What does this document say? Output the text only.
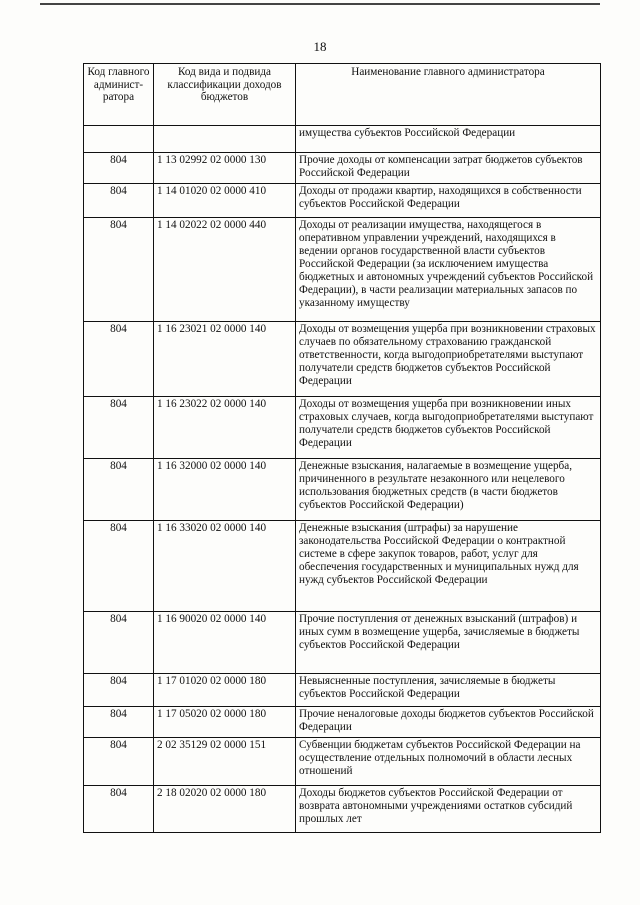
18
Код главного админист-ратора	Код вида и подвида классификации доходов бюджетов	Наименование главного администратора
		имущества субъектов Российской Федерации
804	1 13 02992 02 0000 130	Прочие доходы от компенсации затрат бюджетов субъектов Российской Федерации
804	1 14 01020 02 0000 410	Доходы от продажи квартир, находящихся в собственности субъектов Российской Федерации
804	1 14 02022 02 0000 440	Доходы от реализации имущества, находящегося в оперативном управлении учреждений, находящихся в ведении органов государственной власти субъектов Российской Федерации (за исключением имущества бюджетных и автономных учреждений субъектов Российской Федерации), в части реализации материальных запасов по указанному имуществу
804	1 16 23021 02 0000 140	Доходы от возмещения ущерба при возникновении страховых случаев по обязательному страхованию гражданской ответственности, когда выгодоприобретателями выступают получатели средств бюджетов субъектов Российской Федерации
804	1 16 23022 02 0000 140	Доходы от возмещения ущерба при возникновении иных страховых случаев, когда выгодоприобретателями выступают получатели средств бюджетов субъектов Российской Федерации
804	1 16 32000 02 0000 140	Денежные взыскания, налагаемые в возмещение ущерба, причиненного в результате незаконного или нецелевого использования бюджетных средств (в части бюджетов субъектов Российской Федерации)
804	1 16 33020 02 0000 140	Денежные взыскания (штрафы) за нарушение законодательства Российской Федерации о контрактной системе в сфере закупок товаров, работ, услуг для обеспечения государственных и муниципальных нужд для нужд субъектов Российской Федерации
804	1 16 90020 02 0000 140	Прочие поступления от денежных взысканий (штрафов) и иных сумм в возмещение ущерба, зачисляемые в бюджеты субъектов Российской Федерации
804	1 17 01020 02 0000 180	Невыясненные поступления, зачисляемые в бюджеты субъектов Российской Федерации
804	1 17 05020 02 0000 180	Прочие неналоговые доходы бюджетов субъектов Российской Федерации
804	2 02 35129 02 0000 151	Субвенции бюджетам субъектов Российской Федерации на осуществление отдельных полномочий в области лесных отношений
804	2 18 02020 02 0000 180	Доходы бюджетов субъектов Российской Федерации от возврата автономными учреждениями остатков субсидий прошлых лет
